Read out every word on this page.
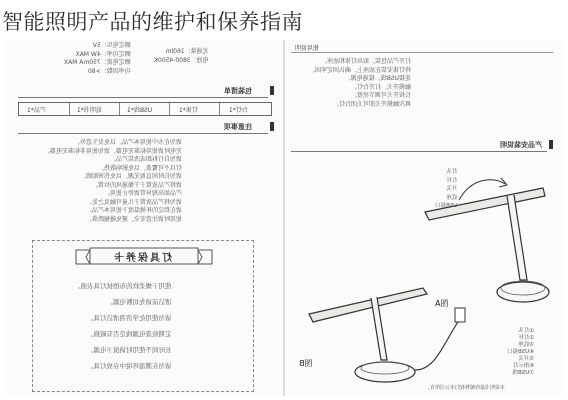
智能照明产品的维护和保养指南

光通量：160lm

电池：3800-4500K

额定电压：5V

额定功率：4W MAX

额定电流：750mA MAX

功率因数：>80

包装清单
台灯*1
灯体*1
USB线*1
说明书*1
产品*1
注意事项

请勿在水中使用本产品，以免发生意外。

充电时请使用标准充电器，请勿使用非标准充电器。

请勿自行拆卸或改装产品。

灯具不可覆盖，以免影响散热。

请勿长时间直视光源，以免伤害眼睛。

请将产品放置于干燥通风的位置。

产品如出现异常请停止使用。

请勿将产品放置于儿童可触及之处。

请在指定的环境温度下使用本产品。

使用时请注意安全，避免碰撞跌落。

灯具保养卡

使用干燥柔软的布擦拭灯具表面。

清洁前请先切断电源。

请勿使用化学溶剂清洁灯具。

定期检查电源线是否有破损。

长时间不使用时请拔下电源。

请勿在潮湿环境中存放灯具。

使用说明

打开产品包装，取出灯体和底座。

将灯体安装在底座上，确认固定牢固。

连接USB线，接通电源。

触摸开关，打开台灯。

长按开关可调节亮度。

再次触摸开关即可关闭台灯。

产品安装说明

灯头

灯杆

开关

底座

USB接口

图A
图B

①灯头

②灯杆

③底座

④USB接口

⑤开关

⑥指示灯

⑦USB线

本说明书最终解释权归本公司所有。
